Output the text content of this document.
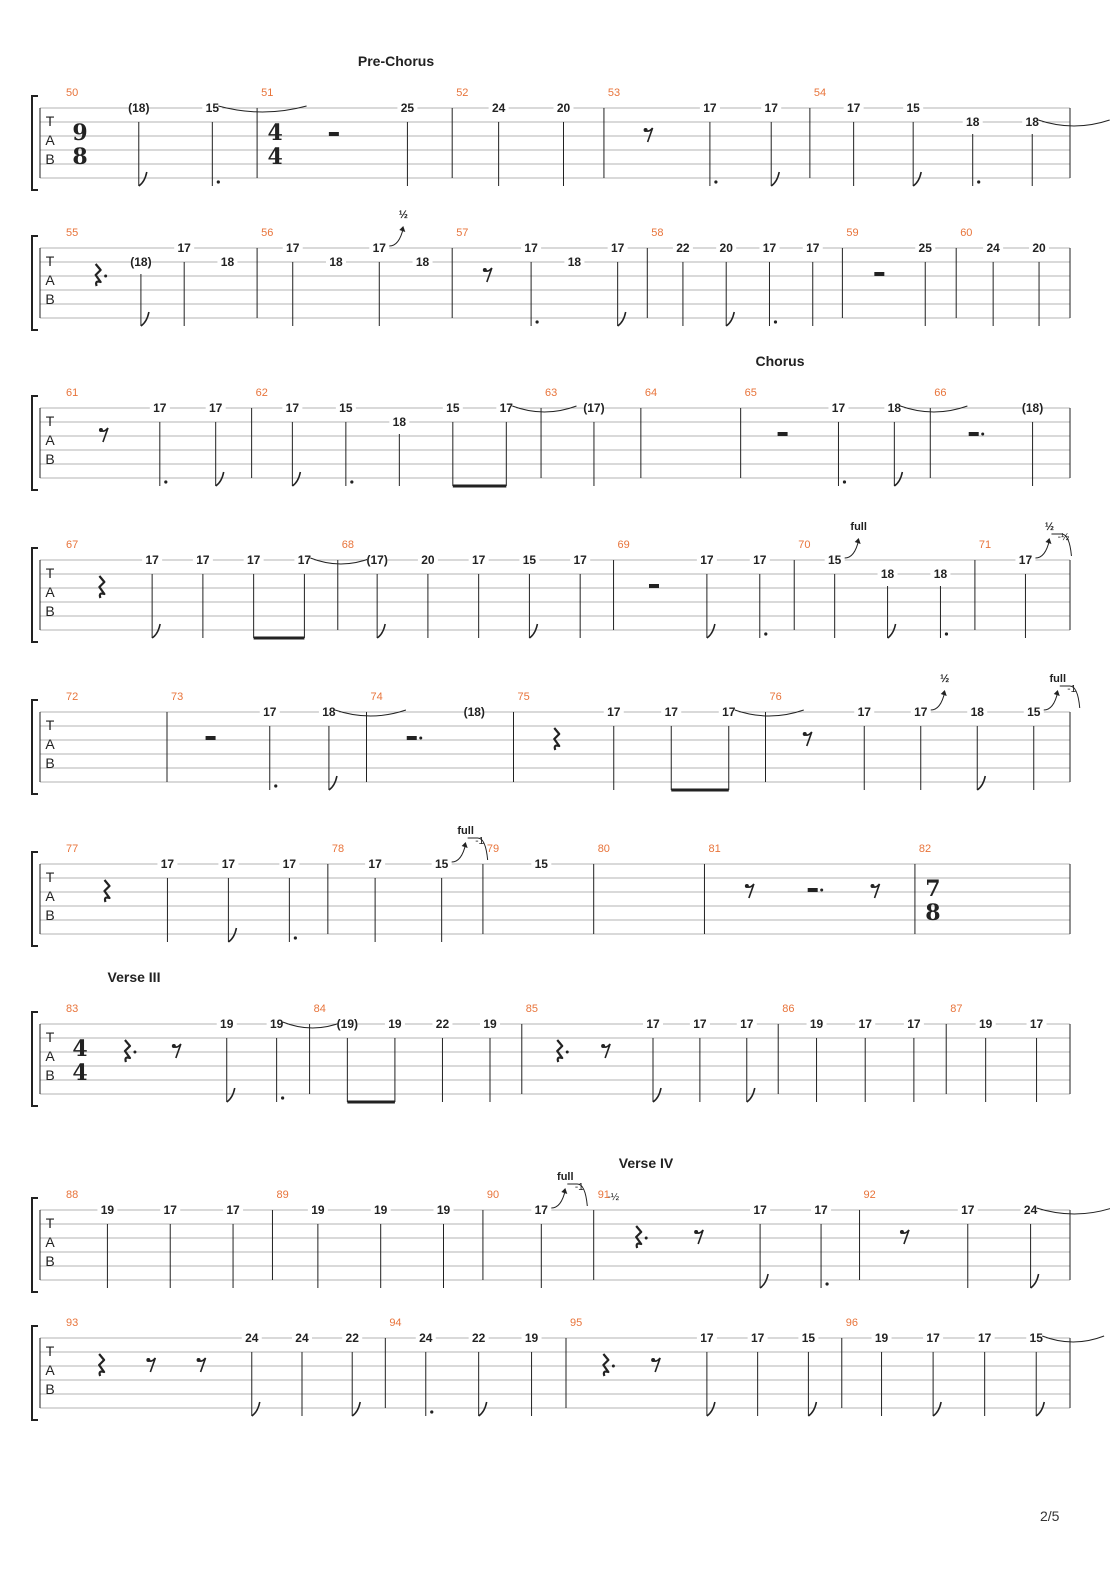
T
A
B
Pre-Chorus
50
9
8
(18)	15
51
4
4
25
52
24	20
53
17	17
54
17	15
18	18
T
A
B
55
(18)
17
18
56
17
18
17
½
18
57
17
18
17
58
22 20 17 17
59
25
60
24	20
T
A
B
Chorus
61
17	17
62
17	15
18
15	17
63
(17)
64	65
17	18
66
(18)
T
A
B
67
17	17	17	17
68
(17)	20	17	15	17
69
17	17
70
15
full
18	18
71
17
½
-½
T
A
B
72	73
17	18
74
(18)
75
17	17	17
76
17	17
½
18	15
full
-1
T
A
B
77
17	17	17
78
17	15
full
-1
79
15
80	81	82
7
8
T
A
B
Verse III
83
4
4
19	19
84
(19)	19	22	19
85
17	17	17
86
19	17	17
87
19	17
T
A
B
Verse IV
88
19	17	17
89
19	19	19
90
17
full
-1
-½
91
17	17
92
17	24
T
A
B
93
24	24	22
94
24	22	19
95
17	17	15
96
19	17	17	15
2/5
